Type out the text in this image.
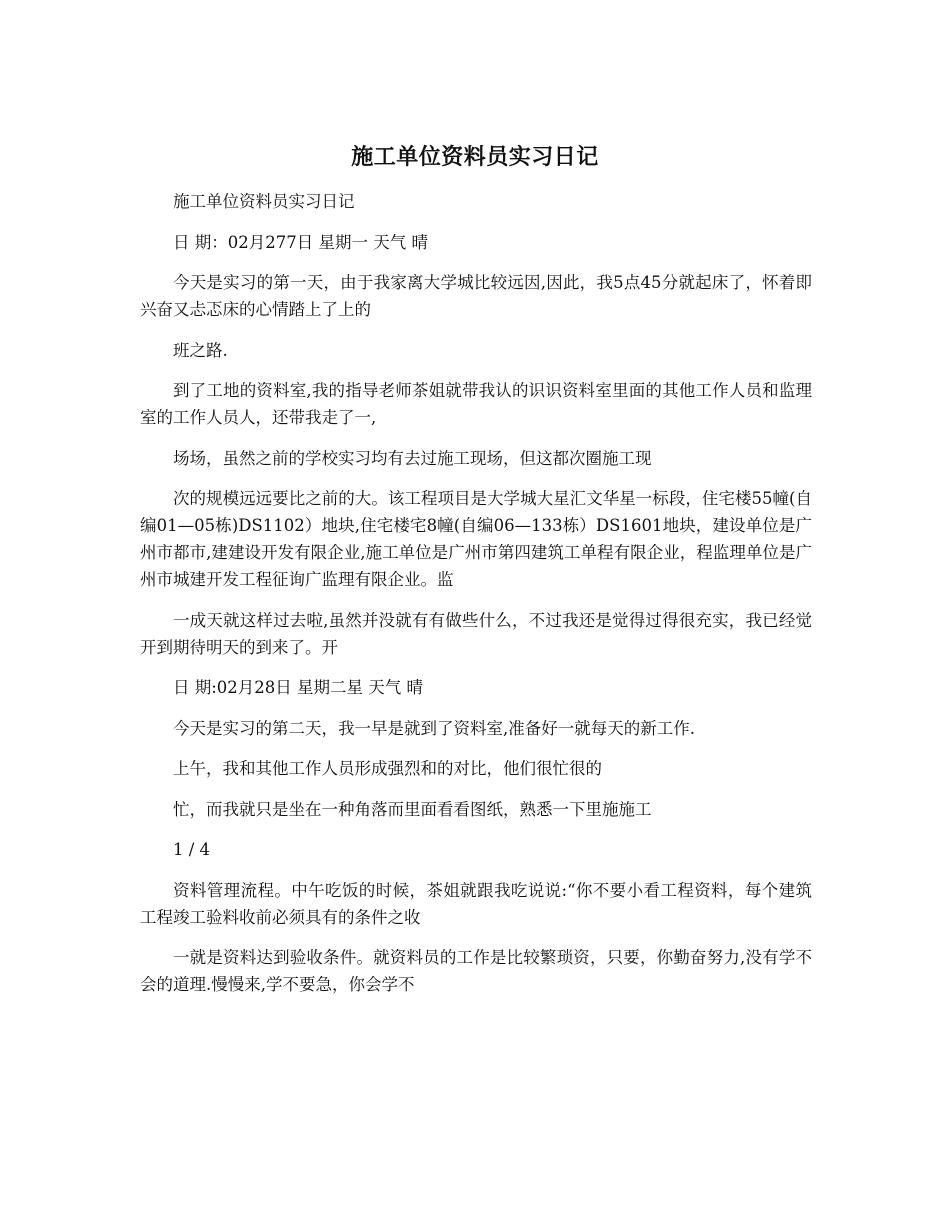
施工单位资料员实习日记

施工单位资料员实习日记

日 期：02月277日 星期一 天气 晴

今天是实习的第一天，由于我家离大学城比较远因,因此，我5点45分就起床了，怀着即兴奋又忐忑床的心情踏上了上的

班之路.

到了工地的资料室,我的指导老师茶姐就带我认的识识资料室里面的其他工作人员和监理室的工作人员人，还带我走了一,

场场，虽然之前的学校实习均有去过施工现场，但这都次圈施工现

次的规模远远要比之前的大。该工程项目是大学城大星汇文华星一标段，住宅楼55幢(自编01—05栋)DS1102）地块,住宅楼宅8幢(自编06—133栋）DS1601地块，建设单位是广州市都市,建建设开发有限企业,施工单位是广州市第四建筑工单程有限企业，程监理单位是广州市城建开发工程征询广监理有限企业。监

一成天就这样过去啦,虽然并没就有有做些什么，不过我还是觉得过得很充实，我已经觉开到期待明天的到来了。开

日 期:02月28日 星期二星 天气 晴

今天是实习的第二天，我一早是就到了资料室,准备好一就每天的新工作.

上午，我和其他工作人员形成强烈和的对比，他们很忙很的

忙，而我就只是坐在一种角落而里面看看图纸，熟悉一下里施施工

1 / 4

资料管理流程。中午吃饭的时候，茶姐就跟我吃说说:“你不要小看工程资料，每个建筑工程竣工验料收前必须具有的条件之收

一就是资料达到验收条件。就资料员的工作是比较繁琐资，只要，你勤奋努力,没有学不会的道理.慢慢来,学不要急，你会学不
